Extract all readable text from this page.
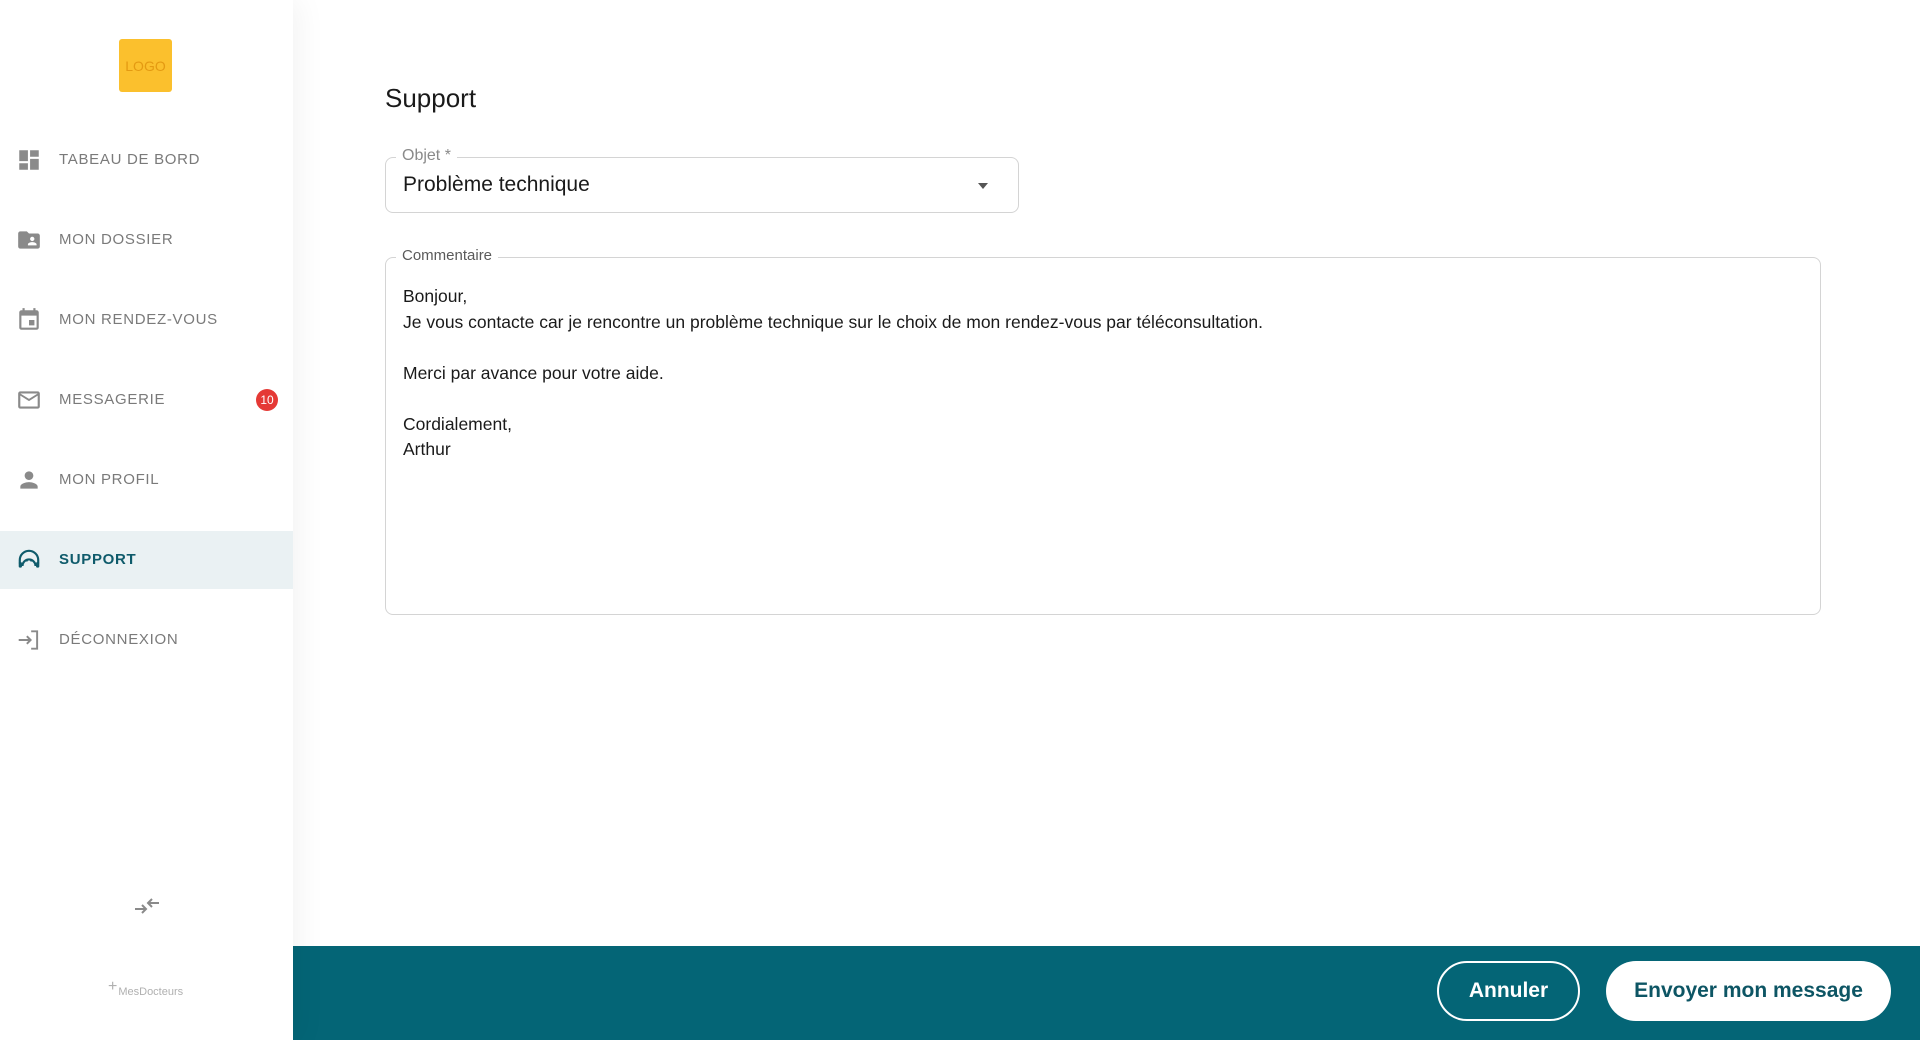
LOGO
TABEAU DE BORD
MON DOSSIER
MON RENDEZ-VOUS
MESSAGERIE	10
MON PROFIL
SUPPORT
DÉCONNEXION
+MesDocteurs
Support
Objet *
Problème technique
Commentaire
Bonjour,
Je vous contacte car je rencontre un problème technique sur le choix de mon rendez-vous par téléconsultation.

Merci par avance pour votre aide.

Cordialement,
Arthur
Annuler	Envoyer mon message
